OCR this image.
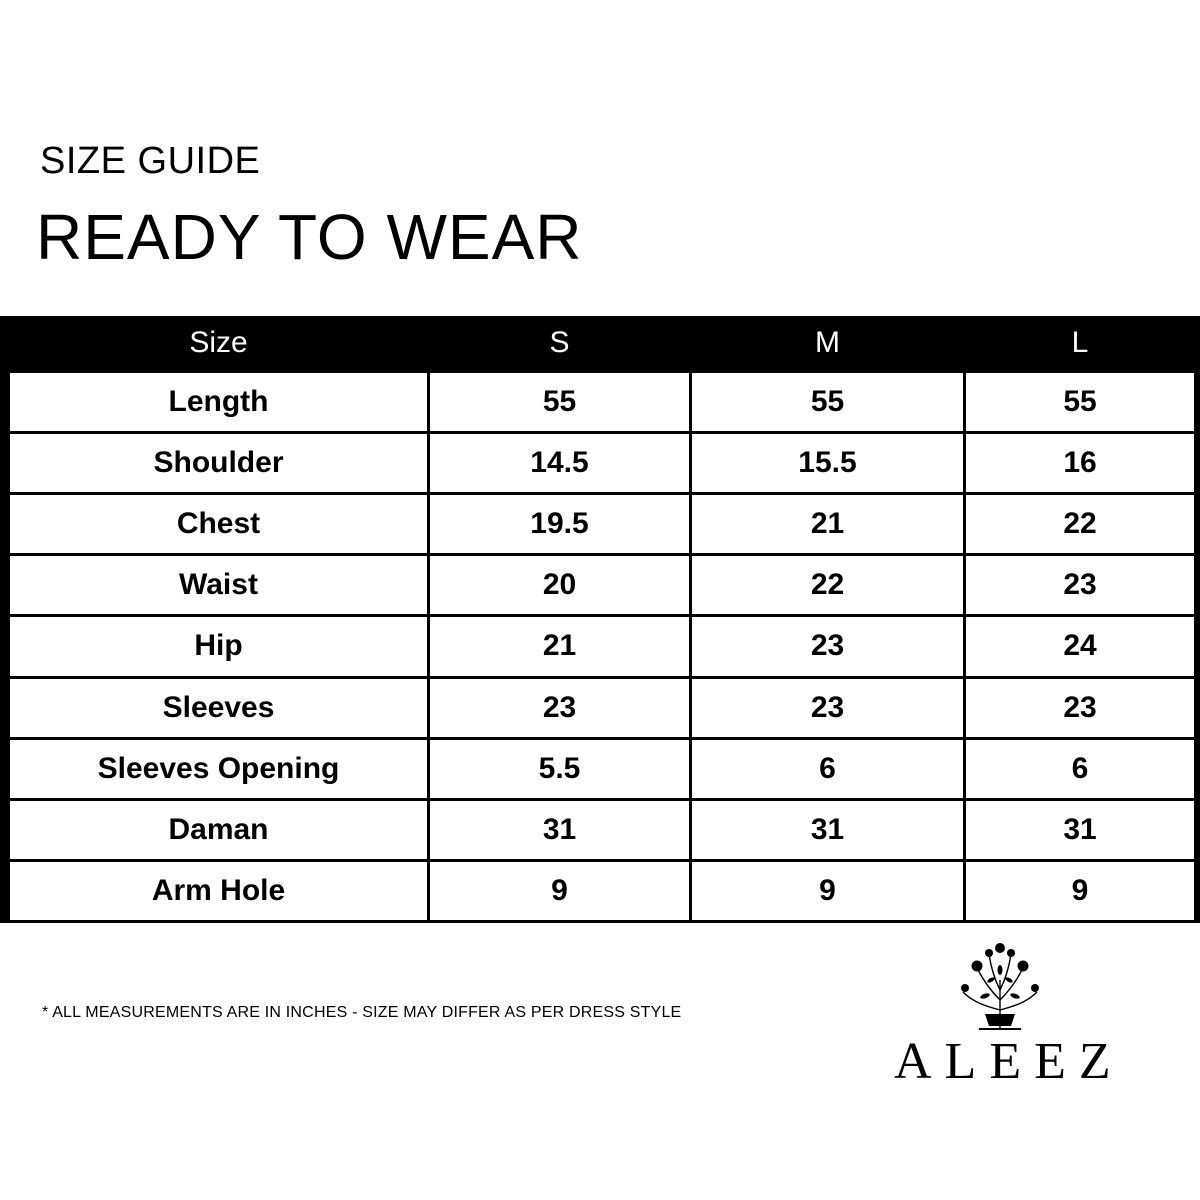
SIZE GUIDE
READY TO WEAR
Size	S	M	L
Length	55	55	55
Shoulder	14.5	15.5	16
Chest	19.5	21	22
Waist	20	22	23
Hip	21	23	24
Sleeves	23	23	23
Sleeves Opening	5.5	6	6
Daman	31	31	31
Arm Hole	9	9	9
* ALL MEASUREMENTS ARE IN INCHES - SIZE MAY DIFFER AS PER DRESS STYLE
ALEEZ
